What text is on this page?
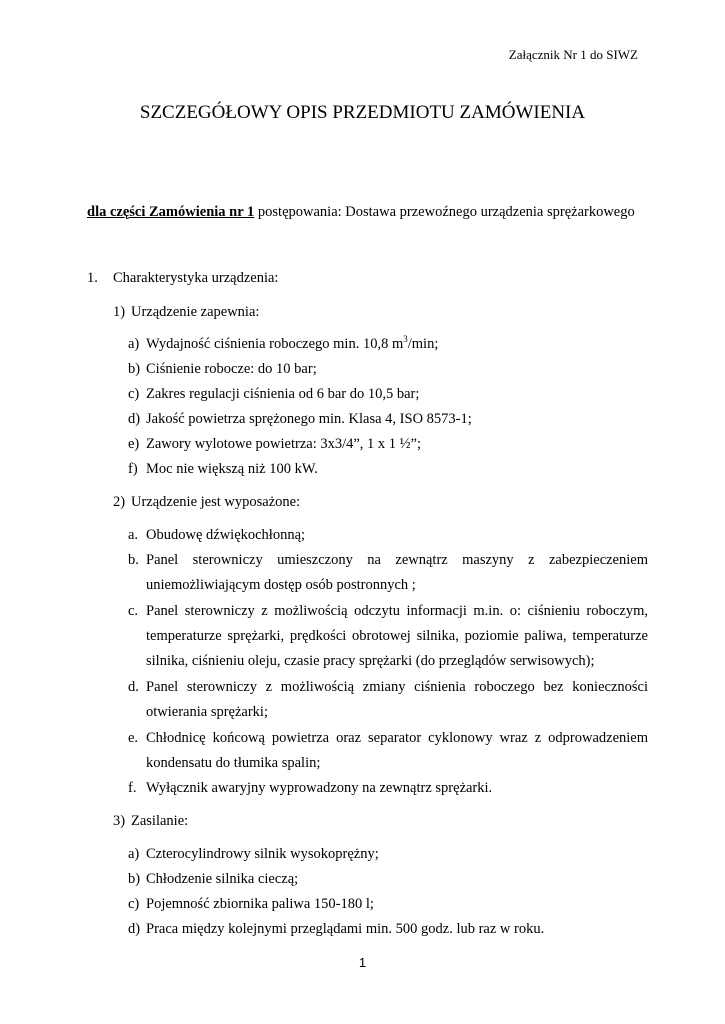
Załącznik Nr 1 do SIWZ
SZCZEGÓŁOWY OPIS PRZEDMIOTU ZAMÓWIENIA
dla części Zamówienia nr 1 postępowania: Dostawa przewoźnego urządzenia sprężarkowego
1. Charakterystyka urządzenia:
1) Urządzenie zapewnia:
a) Wydajność ciśnienia roboczego min. 10,8 $m^3/\min$;
b) Ciśnienie robocze: do 10 bar;
c) Zakres regulacji ciśnienia od 6 bar do 10,5 bar;
d) Jakość powietrza sprężonego min. Klasa 4, ISO 8573-1;
e) Zawory wylotowe powietrza: 3x3/4”, 1 x 1 ½”;
f) Moc nie większą niż 100 kW.
2) Urządzenie jest wyposażone:
a. Obudowę dźwiękochłonną;
b. Panel sterowniczy umieszczony na zewnątrz maszyny z zabezpieczeniem
uniemożliwiającym dostęp osób postronnych ;
c. Panel sterowniczy z możliwością odczytu informacji m.in. o: ciśnieniu roboczym,
temperaturze sprężarki, prędkości obrotowej silnika, poziomie paliwa, temperaturze
silnika, ciśnieniu oleju, czasie pracy sprężarki (do przeglądów serwisowych);
d. Panel sterowniczy z możliwością zmiany ciśnienia roboczego bez konieczności
otwierania sprężarki;
e. Chłodnicę końcową powietrza oraz separator cyklonowy wraz z odprowadzeniem
kondensatu do tłumika spalin;
f. Wyłącznik awaryjny wyprowadzony na zewnątrz sprężarki.
3) Zasilanie:
a) Czterocylindrowy silnik wysokoprężny;
b) Chłodzenie silnika cieczą;
c) Pojemność zbiornika paliwa 150-180 l;
d) Praca między kolejnymi przeglądami min. 500 godz. lub raz w roku.
1
